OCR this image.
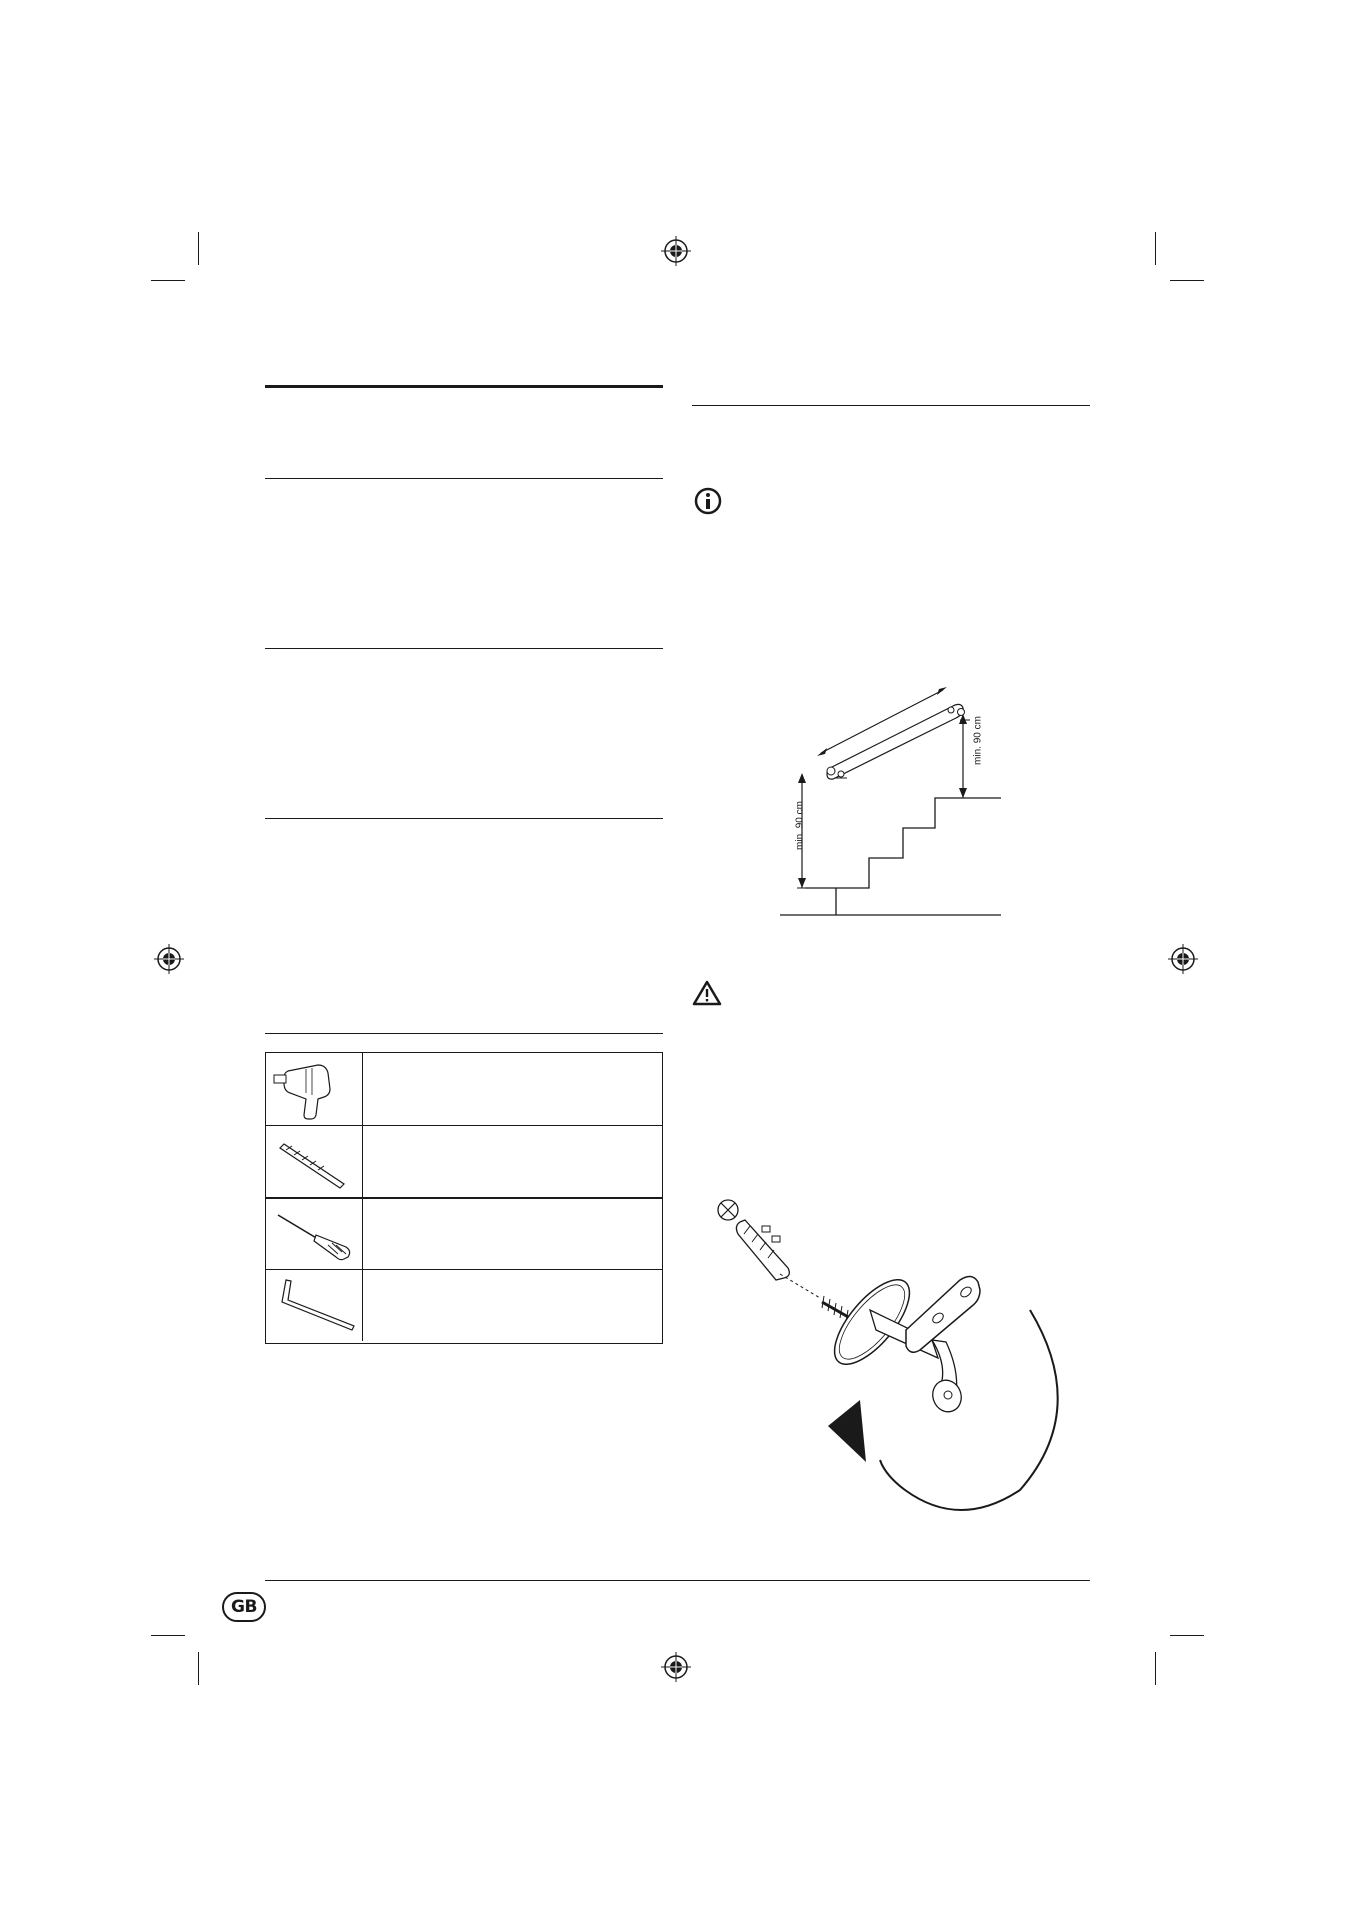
min. 90 cm
min. 90 cm
GB
